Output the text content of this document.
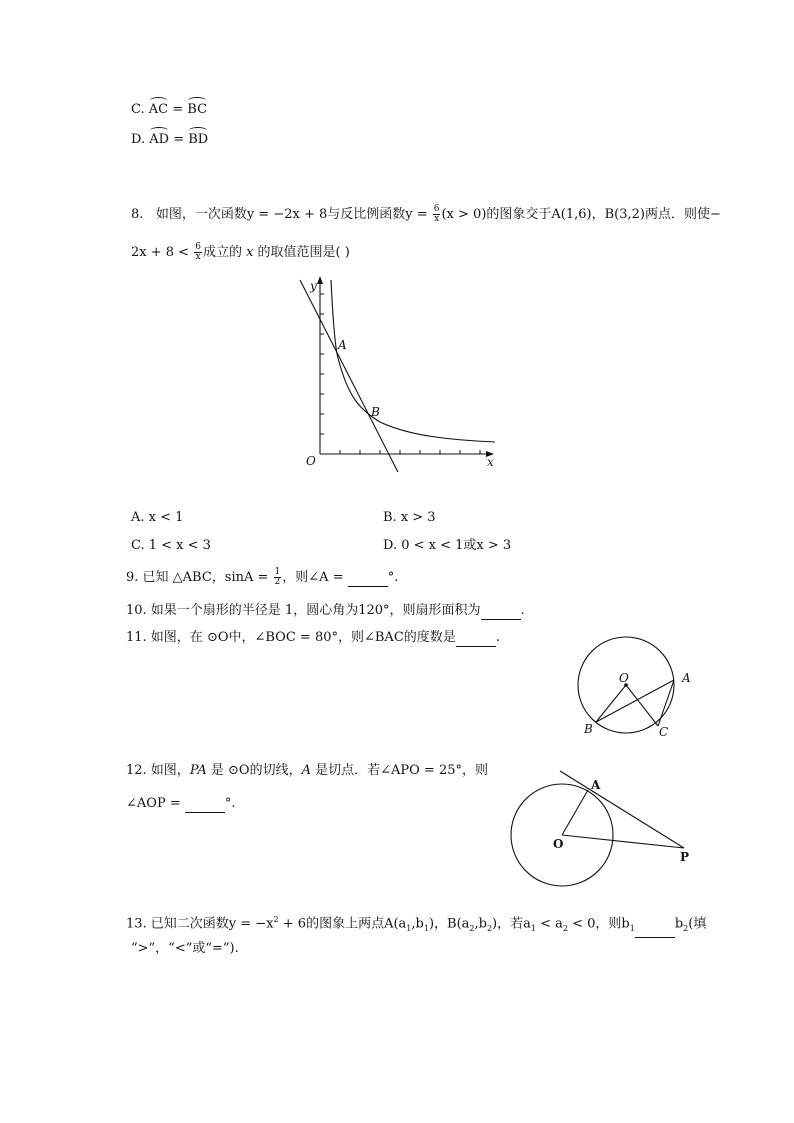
C. AC = BC
D. AD = BD
8. 如图，一次函数y = −2x + 8与反比例函数$y = \frac{6}{x} (x > 0)$的图象交于A(1,6)，B(3,2)两点．则使−
$2x + 8 < \frac{6}{x}$ 成立的 x 的取值范围是( )
y
x
O
A
B
A. x < 1	B. x > 3
C. 1 < x < 3	D. 0 < x < 1或x > 3
9. 已知 △ABC，$\sin A = \frac{1}{2}$ ，则∠A =	°.
10. 如果一个扇形的半径是 1，圆心角为120°，则扇形面积为	.
11. 如图，在 ⊙O中，∠BOC = 80°，则∠BAC的度数是	.
O	A
B	C
12. 如图，PA 是 ⊙O的切线，A 是切点．若∠APO = 25°，则
∠AOP =	°.
A
O
P
13. 已知二次函数$y = -x^2 + 6$的图象上两点$A(a_1,b_1)$，$B(a_2,b_2)$，若$a_1 < a_2 < 0$，则$b_1$	$b_2$(填
“>”，“<”或“=”).
